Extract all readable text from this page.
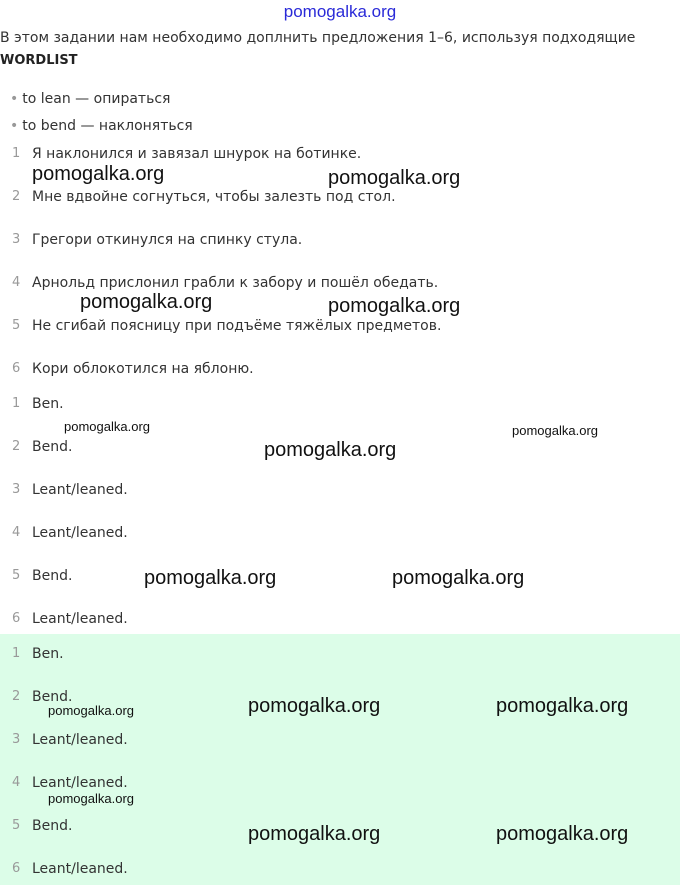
pomogalka.org
В этом задании нам необходимо доплнить предложения 1–6, используя подходящие
WORDLIST
• to lean — опираться
• to bend — наклоняться
1 Я наклонился и завязал шнурок на ботинке.
2 Мне вдвойне согнуться, чтобы залезть под стол.
3 Грегори откинулся на спинку стула.
4 Арнольд прислонил грабли к забору и пошёл обедать.
5 Не сгибай поясницу при подъёме тяжёлых предметов.
6 Кори облокотился на яблоню.
1 Ben.
2 Bend.
3 Leant/leaned.
4 Leant/leaned.
5 Bend.
6 Leant/leaned.
1 Ben.
2 Bend.
3 Leant/leaned.
4 Leant/leaned.
5 Bend.
6 Leant/leaned.
pomogalka.org	pomogalka.org
pomogalka.org	pomogalka.org
pomogalka.org	pomogalka.org
pomogalka.org
pomogalka.org	pomogalka.org
pomogalka.org	pomogalka.org	pomogalka.org
pomogalka.org
pomogalka.org	pomogalka.org
